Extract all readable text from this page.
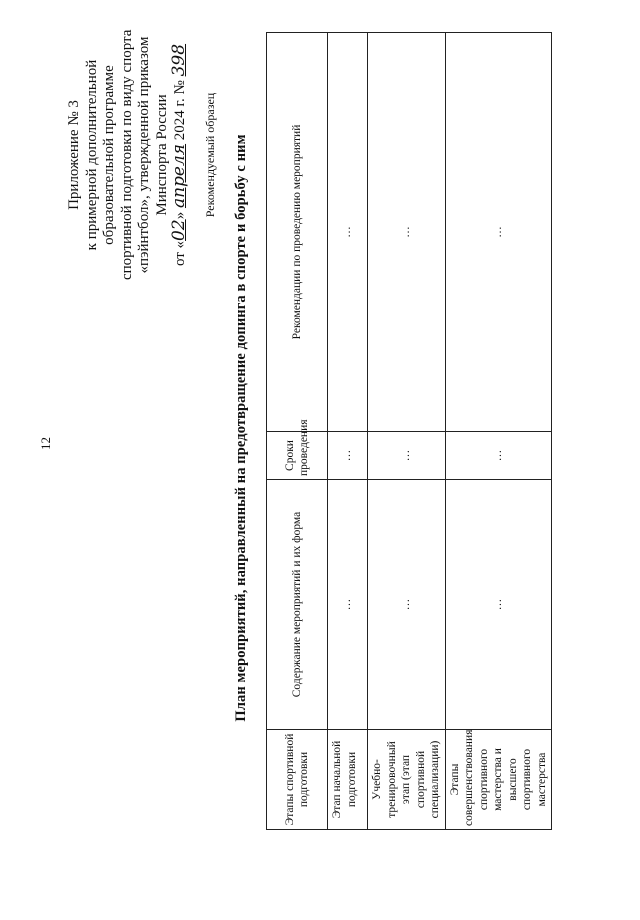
12
Приложение № 3 к примерной дополнительной образовательной программе спортивной подготовки по виду спорта «пэйнтбол», утвержденной приказом Минспорта России
от «02» апреля 2024 г. № 398
Рекомендуемый образец План мероприятий, направленный на предотвращение допинга в спорте и борьбу с ним
Этапы спортивной подготовки	Содержание мероприятий и их форма	Сроки проведения	Рекомендации по проведению мероприятий
Этап начальной подготовки	…	…	…
Учебно-тренировочный этап (этап спортивной специализации)	…	…	…
Этапы совершенствования спортивного мастерства и высшего спортивного мастерства	…	…	…
